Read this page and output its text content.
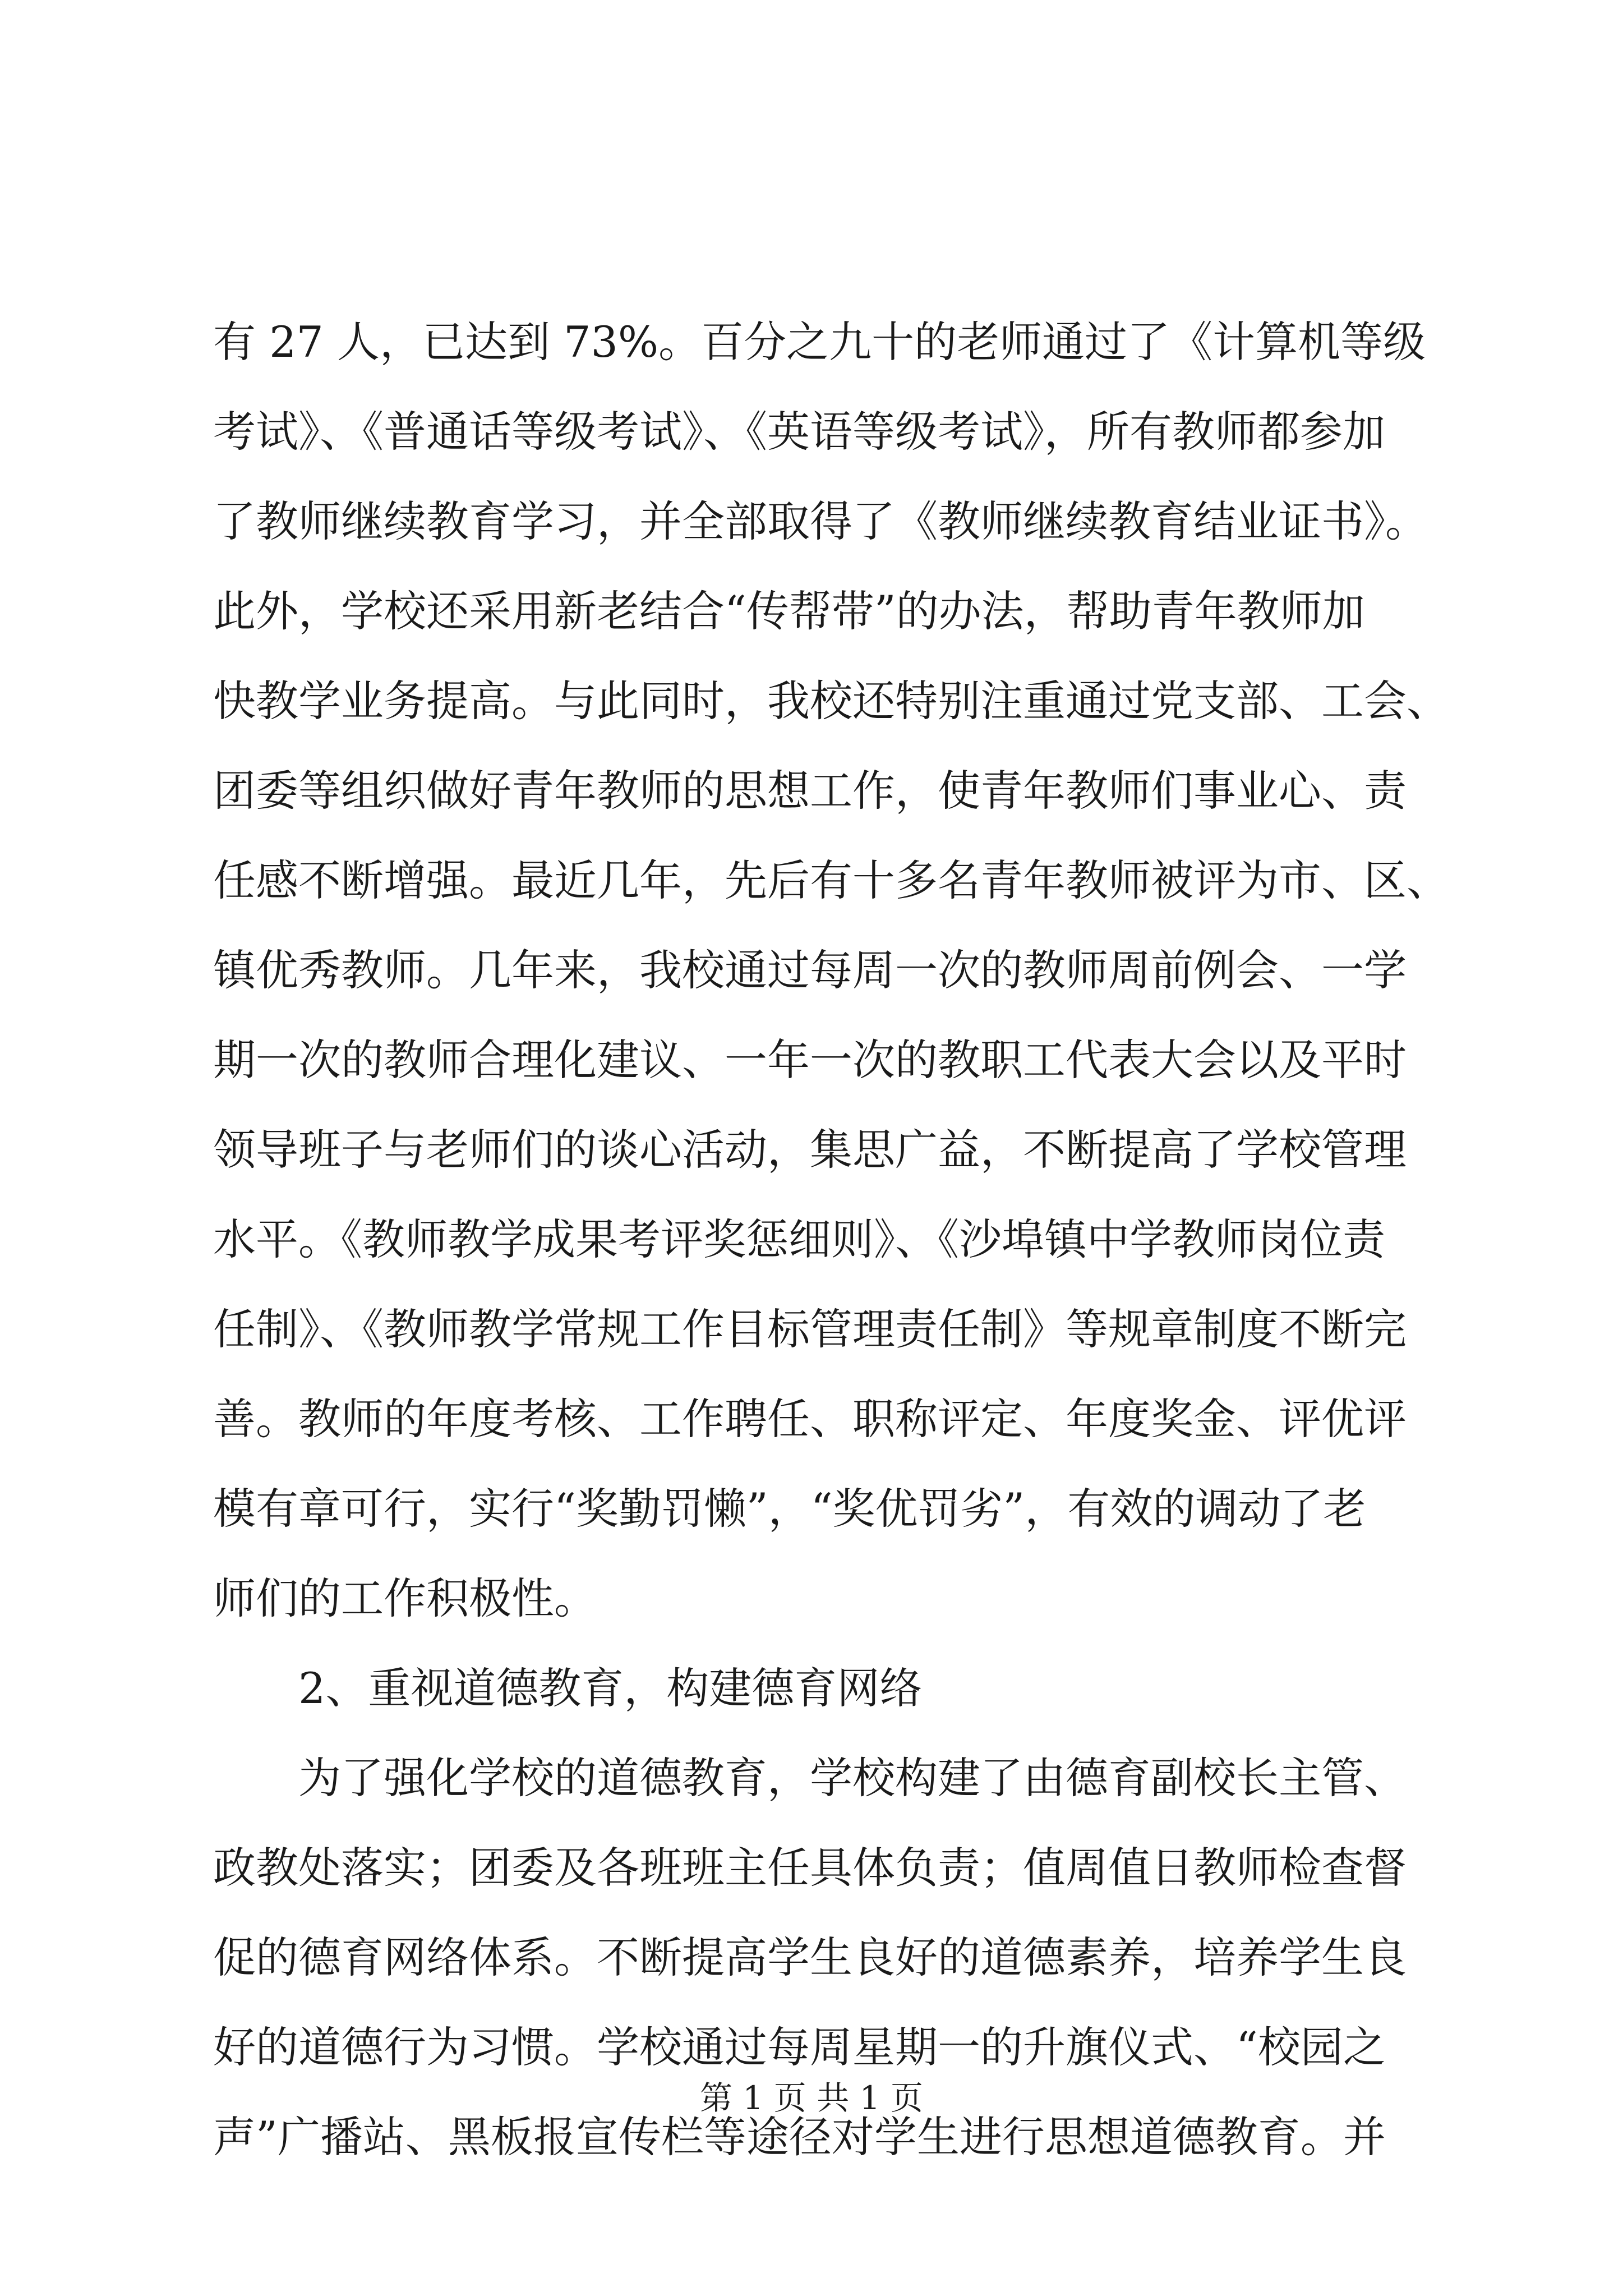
有 27 人，已达到 73%。百分之九十的老师通过了《计算机等级
考试》、《普通话等级考试》、《英语等级考试》，所有教师都参加
了教师继续教育学习，并全部取得了《教师继续教育结业证书》。
此外，学校还采用新老结合“传帮带”的办法，帮助青年教师加
快教学业务提高。与此同时，我校还特别注重通过党支部、工会、
团委等组织做好青年教师的思想工作，使青年教师们事业心、责
任感不断增强。最近几年，先后有十多名青年教师被评为市、区、
镇优秀教师。几年来，我校通过每周一次的教师周前例会、一学
期一次的教师合理化建议、一年一次的教职工代表大会以及平时
领导班子与老师们的谈心活动，集思广益，不断提高了学校管理
水平。《教师教学成果考评奖惩细则》、《沙埠镇中学教师岗位责
任制》、《教师教学常规工作目标管理责任制》等规章制度不断完
善。教师的年度考核、工作聘任、职称评定、年度奖金、评优评
模有章可行，实行“奖勤罚懒”，“奖优罚劣”，有效的调动了老
师们的工作积极性。
2、重视道德教育，构建德育网络
为了强化学校的道德教育，学校构建了由德育副校长主管、
政教处落实；团委及各班班主任具体负责；值周值日教师检查督
促的德育网络体系。不断提高学生良好的道德素养，培养学生良
好的道德行为习惯。学校通过每周星期一的升旗仪式、“校园之
声”广播站、黑板报宣传栏等途径对学生进行思想道德教育。并
第 1 页 共 1 页
